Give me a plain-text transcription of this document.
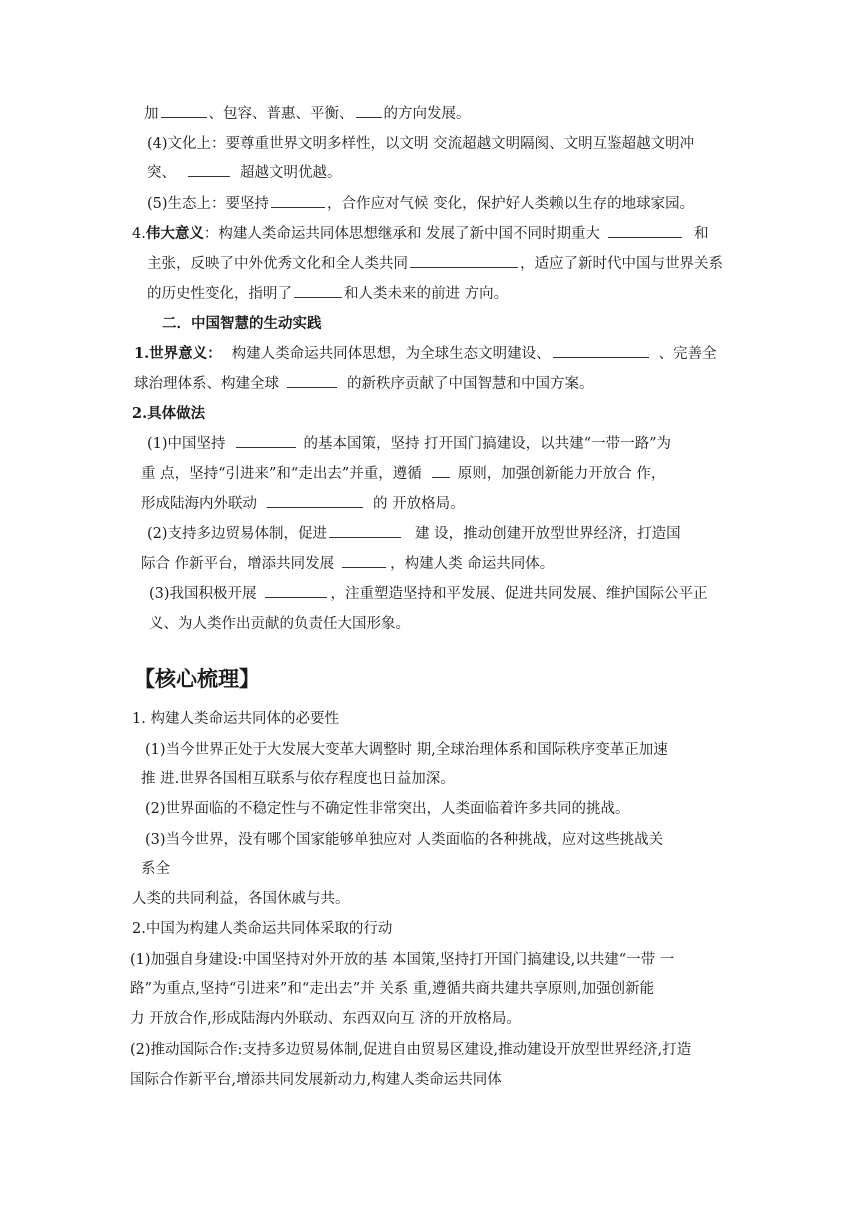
加	、包容、普惠、平衡、 的方向发展。
(4)文化上：要尊重世界文明多样性，以文明 交流超越文明隔阂、文明互鉴超越文明冲
突、	超越文明优越。
(5)生态上：要坚持	，合作应对气候 变化，保护好人类赖以生存的地球家园。
4.伟大意义：构建人类命运共同体思想继承和 发展了新中国不同时期重大	和
主张，反映了中外优秀文化和全人类共同	，适应了新时代中国与世界关系
的历史性变化，指明了	和人类未来的前进 方向。
二．中国智慧的生动实践
1.世界意义： 构建人类命运共同体思想，为全球生态文明建设、	、完善全
球治理体系、构建全球	的新秩序贡献了中国智慧和中国方案。
2.具体做法
(1)中国坚持	的基本国策，坚持 打开国门搞建设，以共建“一带一路”为
重 点，坚持“引进来”和“走出去”并重，遵循 原则，加强创新能力开放合 作，
形成陆海内外联动	的 开放格局。
(2)支持多边贸易体制，促进	建 设，推动创建开放型世界经济，打造国
际合 作新平台，增添共同发展	，构建人类 命运共同体。
(3)我国积极开展	，注重塑造坚持和平发展、促进共同发展、维护国际公平正
义、为人类作出贡献的负责任大国形象。
【核心梳理】
1. 构建人类命运共同体的必要性
(1)当今世界正处于大发展大变革大调整时 期,全球治理体系和国际秩序变革正加速
推 进.世界各国相互联系与依存程度也日益加深。
(2)世界面临的不稳定性与不确定性非常突出，人类面临着许多共同的挑战。
(3)当今世界，没有哪个国家能够单独应对 人类面临的各种挑战，应对这些挑战关
系全
人类的共同利益，各国休戚与共。
2.中国为构建人类命运共同体采取的行动
(1)加强自身建设:中国坚持对外开放的基 本国策,坚持打开国门搞建设,以共建“一带 一
路”为重点,坚持“引进来”和“走出去”并 关系 重,遵循共商共建共享原则,加强创新能
力 开放合作,形成陆海内外联动、东西双向互 济的开放格局。
(2)推动国际合作:支持多边贸易体制,促进自由贸易区建设,推动建设开放型世界经济,打造
国际合作新平台,增添共同发展新动力,构建人类命运共同体
